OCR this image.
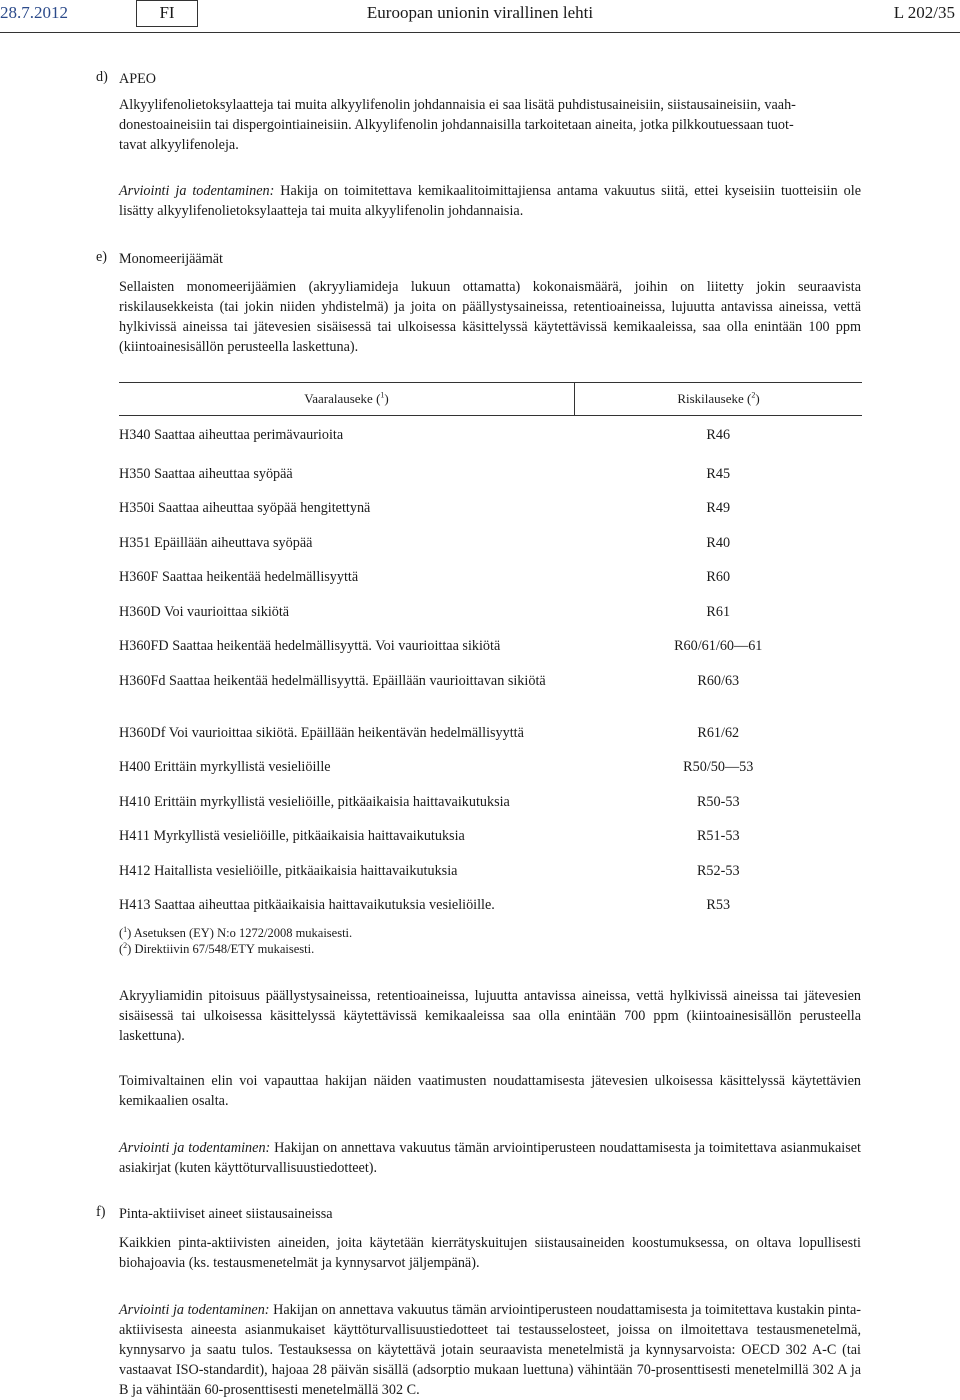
28.7.2012	FI	Euroopan unionin virallinen lehti	L 202/35
d) APEO
Alkyylifenolietoksylaatteja tai muita alkyylifenolin johdannaisia ei saa lisätä puhdistusaineisiin, siistausaineisiin, vaah-
donestoaineisiin tai dispergointiaineisiin. Alkyylifenolin johdannaisilla tarkoitetaan aineita, jotka pilkkoutuessaan tuot-
tavat alkyylifenoleja.

Arviointi ja todentaminen: Hakija on toimitettava kemikaalitoimittajiensa antama vakuutus siitä, ettei kyseisiin tuotteisiin ole lisätty alkyylifenolietoksylaatteja tai muita alkyylifenolin johdannaisia.

e) Monomeerijäämät

Sellaisten monomeerijäämien (akryyliamideja lukuun ottamatta) kokonaismäärä, joihin on liitetty jokin seuraavista riskilausekkeista (tai jokin niiden yhdistelmä) ja joita on päällystysaineissa, retentioaineissa, lujuutta antavissa aineissa, vettä hylkivissä aineissa tai jätevesien sisäisessä tai ulkoisessa käsittelyssä käytettävissä kemikaaleissa, saa olla enintään 100 ppm (kiintoainesisällön perusteella laskettuna).

Vaaralauseke ($^1$)	Riskilauseke ($^2$)
H340 Saattaa aiheuttaa perimävaurioita	R46
H350 Saattaa aiheuttaa syöpää	R45
H350i Saattaa aiheuttaa syöpää hengitettynä	R49
H351 Epäillään aiheuttava syöpää	R40
H360F Saattaa heikentää hedelmällisyyttä	R60
H360D Voi vaurioittaa sikiötä	R61
H360FD Saattaa heikentää hedelmällisyyttä. Voi vaurioittaa sikiötä	R60/61/60—61
H360Fd Saattaa heikentää hedelmällisyyttä. Epäillään vaurioittavan sikiötä	R60/63
H360Df Voi vaurioittaa sikiötä. Epäillään heikentävän hedelmällisyyttä	R61/62
H400 Erittäin myrkyllistä vesieliöille	R50/50—53
H410 Erittäin myrkyllistä vesieliöille, pitkäaikaisia haittavaikutuksia	R50-53
H411 Myrkyllistä vesieliöille, pitkäaikaisia haittavaikutuksia	R51-53
H412 Haitallista vesieliöille, pitkäaikaisia haittavaikutuksia	R52-53
H413 Saattaa aiheuttaa pitkäaikaisia haittavaikutuksia vesieliöille.	R53
($^1$) Asetuksen (EY) N:o 1272/2008 mukaisesti.
($^2$) Direktiivin 67/548/ETY mukaisesti.

Akryyliamidin pitoisuus päällystysaineissa, retentioaineissa, lujuutta antavissa aineissa, vettä hylkivissä aineissa tai jätevesien sisäisessä tai ulkoisessa käsittelyssä käytettävissä kemikaaleissa saa olla enintään 700 ppm (kiintoainesisällön perusteella laskettuna).

Toimivaltainen elin voi vapauttaa hakijan näiden vaatimusten noudattamisesta jätevesien ulkoisessa käsittelyssä käytettävien kemikaalien osalta.

Arviointi ja todentaminen: Hakijan on annettava vakuutus tämän arviointiperusteen noudattamisesta ja toimitettava asianmukaiset asiakirjat (kuten käyttöturvallisuustiedotteet).

f) Pinta-aktiiviset aineet siistausaineissa

Kaikkien pinta-aktiivisten aineiden, joita käytetään kierrätyskuitujen siistausaineiden koostumuksessa, on oltava lopullisesti biohajoavia (ks. testausmenetelmät ja kynnysarvot jäljempänä).

Arviointi ja todentaminen: Hakijan on annettava vakuutus tämän arviointiperusteen noudattamisesta ja toimitettava kustakin pinta-aktiivisesta aineesta asianmukaiset käyttöturvallisuustiedotteet tai testausselosteet, joissa on ilmoitettava testausmenetelmä, kynnysarvo ja saatu tulos. Testauksessa on käytettävä jotain seuraavista menetelmistä ja kynnysarvoista: OECD 302 A-C (tai vastaavat ISO-standardit), hajoaa 28 päivän sisällä (adsorptio mukaan luettuna) vähintään 70-prosenttisesti menetelmillä 302 A ja B ja vähintään 60-prosenttisesti menetelmällä 302 C.
